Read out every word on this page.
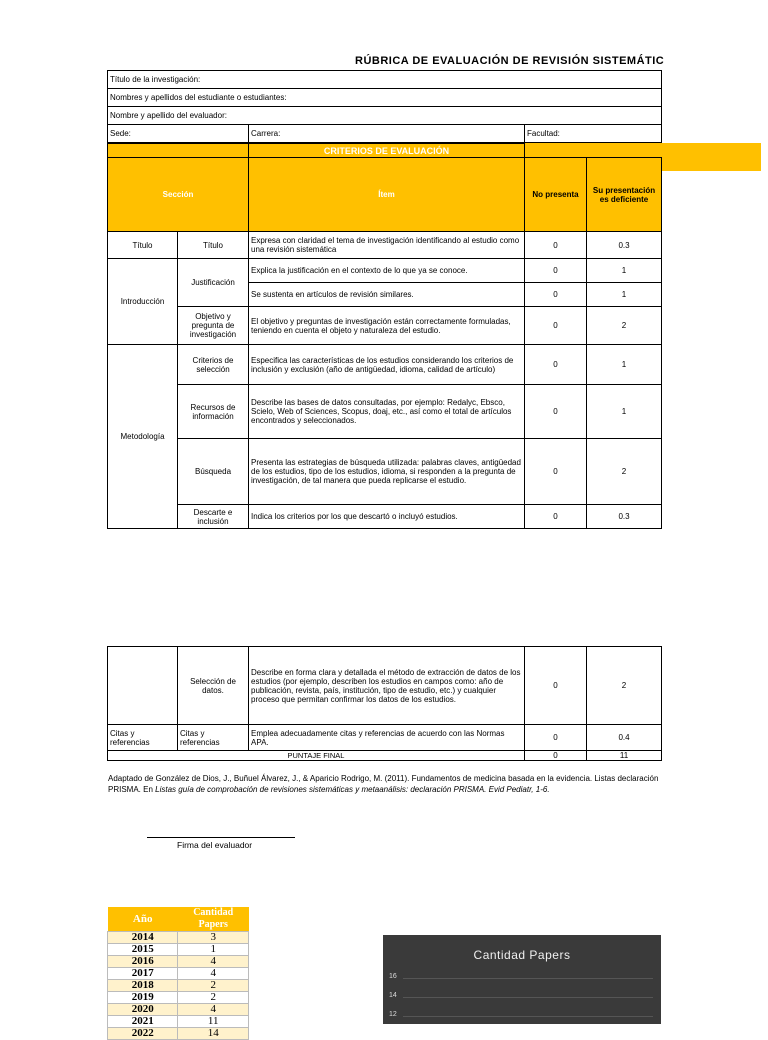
RÚBRICA DE EVALUACIÓN DE REVISIÓN SISTEMÁTIC
Título de la investigación:
Nombres y apellidos del estudiante o estudiantes:
Nombre y apellido del evaluador:
Sede:	Carrera:	Facultad:
		CRITERIOS DE EVALUACIÓN		
Sección		Ítem	No presenta	Su presentación es deficiente
Título	Título	Expresa con claridad el tema de investigación identificando al estudio como una revisión sistemática	0	0.3
Introducción	Justificación	Explica la justificación en el contexto de lo que ya se conoce.	0	1
		Se sustenta en artículos de revisión similares.	0	1
	Objetivo y pregunta de investigación	El objetivo y preguntas de investigación están correctamente formuladas, teniendo en cuenta el objeto y naturaleza del estudio.	0	2
Metodología	Criterios de selección	Especifica las características de los estudios considerando los criterios de inclusión y exclusión (año de antigüedad, idioma, calidad de artículo)	0	1
	Recursos de información	Describe las bases de datos consultadas, por ejemplo: Redalyc, Ebsco, Scielo, Web of Sciences, Scopus, doaj, etc., así como el total de artículos encontrados y seleccionados.	0	1
	Búsqueda	Presenta las estrategias de búsqueda utilizada: palabras claves, antigüedad de los estudios, tipo de los estudios, idioma, si responden a la pregunta de investigación, de tal manera que pueda replicarse el estudio.	0	2
	Descarte e inclusión	Indica los criterios por los que descartó o incluyó estudios.	0	0.3
	Selección de datos.	Describe en forma clara y detallada el método de extracción de datos de los estudios (por ejemplo, describen los estudios en campos como: año de publicación, revista, país, institución, tipo de estudio, etc.) y cualquier proceso que permitan confirmar los datos de los estudios.	0	2
Citas y referencias	Citas y referencias	Emplea adecuadamente citas y referencias de acuerdo con las Normas APA.	0	0.4
PUNTAJE FINAL			0	11
Adaptado de González de Dios, J., Buñuel Álvarez, J., & Aparicio Rodrigo, M. (2011). Fundamentos de medicina basada en la evidencia. Listas declaración PRISMA. En Listas guía de comprobación de revisiones sistemáticas y metaanálisis: declaración PRISMA. Evid Pediatr, 1-6.
Firma del evaluador
Año	Cantidad Papers
2014	3
2015	1
2016	4
2017	4
2018	2
2019	2
2020	4
2021	11
2022	14
Cantidad Papers
16
14
12
